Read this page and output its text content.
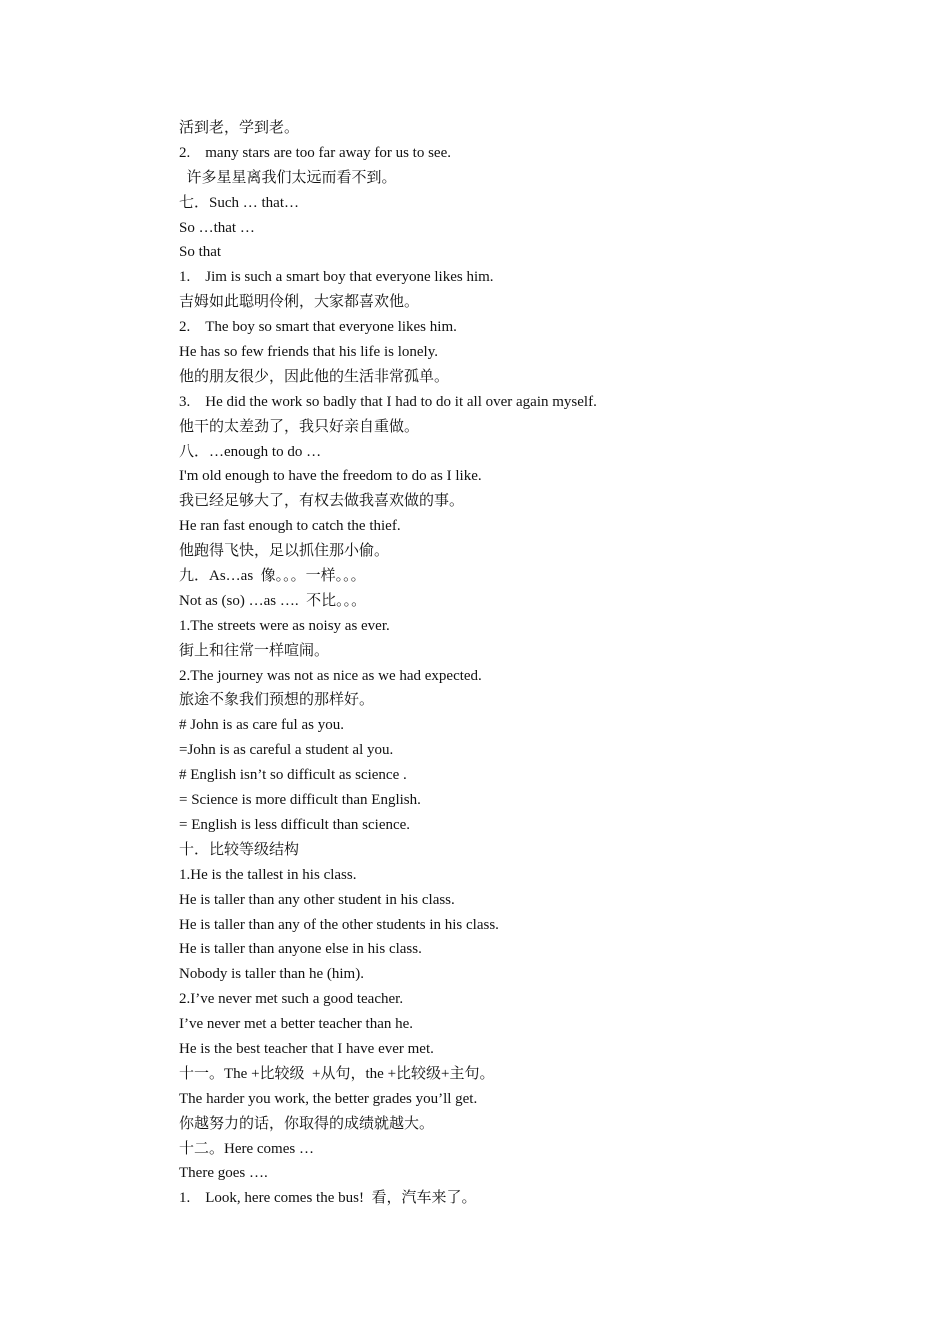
活到老，学到老。
2.　many stars are too far away for us to see.
许多星星离我们太远而看不到。
七．Such … that…
So …that …
So that
1.　Jim is such a smart boy that everyone likes him.
吉姆如此聪明伶俐，大家都喜欢他。
2.　The boy so smart that everyone likes him.
He has so few friends that his life is lonely.
他的朋友很少，因此他的生活非常孤单。
3.　He did the work so badly that I had to do it all over again myself.
他干的太差劲了，我只好亲自重做。
八．…enough to do …
I'm old enough to have the freedom to do as I like.
我已经足够大了，有权去做我喜欢做的事。
He ran fast enough to catch the thief.
他跑得飞快，足以抓住那小偷。
九．As…as  像。。。一样。。。
Not as (so) …as ….  不比。。。
1.The streets were as noisy as ever.
街上和往常一样喧闹。
2.The journey was not as nice as we had expected.
旅途不象我们预想的那样好。
# John is as care ful as you.
=John is as careful a student al you.
# English isn’t so difficult as science .
= Science is more difficult than English.
= English is less difficult than science.
十．比较等级结构
1.He is the tallest in his class.
He is taller than any other student in his class.
He is taller than any of the other students in his class.
He is taller than anyone else in his class.
Nobody is taller than he (him).
2.I’ve never met such a good teacher.
I’ve never met a better teacher than he.
He is the best teacher that I have ever met.
十一。The +比较级  +从句，the +比较级+主句。
The harder you work, the better grades you’ll get.
你越努力的话，你取得的成绩就越大。
十二。Here comes …
There goes ….
1.　Look, here comes the bus!  看，汽车来了。
